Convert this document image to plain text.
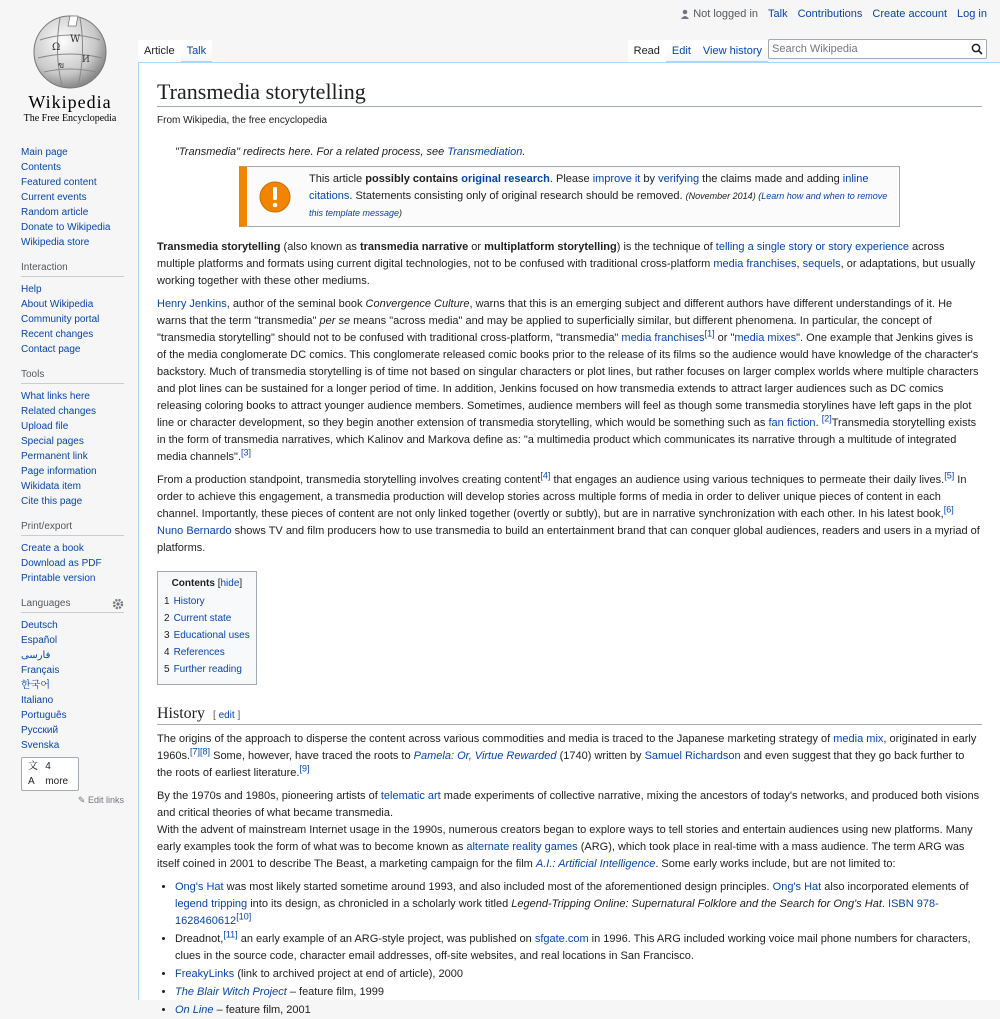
Ω
W
И
ข
Wikipedia
The Free Encyclopedia
Not logged in Talk Contributions Create account Log in
Article	Talk	Read	Edit	View history Search Wikipedia
Main page
Contents
Featured content
Current events
Random article
Donate to Wikipedia
Wikipedia store
Interaction
Help
About Wikipedia
Community portal
Recent changes
Contact page
Tools
What links here
Related changes
Upload file
Special pages
Permanent link
Page information
Wikidata item
Cite this page
Print/export
Create a book
Download as PDF
Printable version
Languages
Deutsch
Español
فارسی
Français
한국어
Italiano
Português
Русский
Svenska
文A
4 more
✎ Edit links
Transmedia storytelling
From Wikipedia, the free encyclopedia
"Transmedia" redirects here. For a related process, see Transmediation.
This article possibly contains original research. Please improve it by verifying the claims made and adding inline citations. Statements consisting only of original research should be removed. (November 2014) (Learn how and when to remove this template message)

Transmedia storytelling (also known as transmedia narrative or multiplatform storytelling) is the technique of telling a single story or story experience across multiple platforms and formats using current digital technologies, not to be confused with traditional cross-platform media franchises, sequels, or adaptations, but usually working together with these other mediums.

Henry Jenkins, author of the seminal book Convergence Culture, warns that this is an emerging subject and different authors have different understandings of it. He warns that the term "transmedia" per se means "across media" and may be applied to superficially similar, but different phenomena. In particular, the concept of "transmedia storytelling" should not to be confused with traditional cross-platform, "transmedia" media franchises[1] or "media mixes". One example that Jenkins gives is of the media conglomerate DC comics. This conglomerate released comic books prior to the release of its films so the audience would have knowledge of the character's backstory. Much of transmedia storytelling is of time not based on singular characters or plot lines, but rather focuses on larger complex worlds where multiple characters and plot lines can be sustained for a longer period of time. In addition, Jenkins focused on how transmedia extends to attract larger audiences such as DC comics releasing coloring books to attract younger audience members. Sometimes, audience members will feel as though some transmedia storylines have left gaps in the plot line or character development, so they begin another extension of transmedia storytelling, which would be something such as fan fiction. [2]Transmedia storytelling exists in the form of transmedia narratives, which Kalinov and Markova define as: "a multimedia product which communicates its narrative through a multitude of integrated media channels".[3]

From a production standpoint, transmedia storytelling involves creating content[4] that engages an audience using various techniques to permeate their daily lives.[5] In order to achieve this engagement, a transmedia production will develop stories across multiple forms of media in order to deliver unique pieces of content in each channel. Importantly, these pieces of content are not only linked together (overtly or subtly), but are in narrative synchronization with each other. In his latest book,[6] Nuno Bernardo shows TV and film producers how to use transmedia to build an entertainment brand that can conquer global audiences, readers and users in a myriad of platforms.

Contents [hide]
1 History
2 Current state
3 Educational uses
4 References
5 Further reading
History [ edit ]

The origins of the approach to disperse the content across various commodities and media is traced to the Japanese marketing strategy of media mix, originated in early 1960s.[7][8] Some, however, have traced the roots to Pamela: Or, Virtue Rewarded (1740) written by Samuel Richardson and even suggest that they go back further to the roots of earliest literature.[9]

By the 1970s and 1980s, pioneering artists of telematic art made experiments of collective narrative, mixing the ancestors of today's networks, and produced both visions and critical theories of what became transmedia.

With the advent of mainstream Internet usage in the 1990s, numerous creators began to explore ways to tell stories and entertain audiences using new platforms. Many early examples took the form of what was to become known as alternate reality games (ARG), which took place in real-time with a mass audience. The term ARG was itself coined in 2001 to describe The Beast, a marketing campaign for the film A.I.: Artificial Intelligence. Some early works include, but are not limited to:

• Ong's Hat was most likely started sometime around 1993, and also included most of the aforementioned design principles. Ong's Hat also incorporated elements of legend tripping into its design, as chronicled in a scholarly work titled Legend-Tripping Online: Supernatural Folklore and the Search for Ong's Hat. ISBN 978-1628460612[10]
• Dreadnot,[11] an early example of an ARG-style project, was published on sfgate.com in 1996. This ARG included working voice mail phone numbers for characters, clues in the source code, character email addresses, off-site websites, and real locations in San Francisco.
• FreakyLinks (link to archived project at end of article), 2000
• The Blair Witch Project – feature film, 1999
• On Line – feature film, 2001
